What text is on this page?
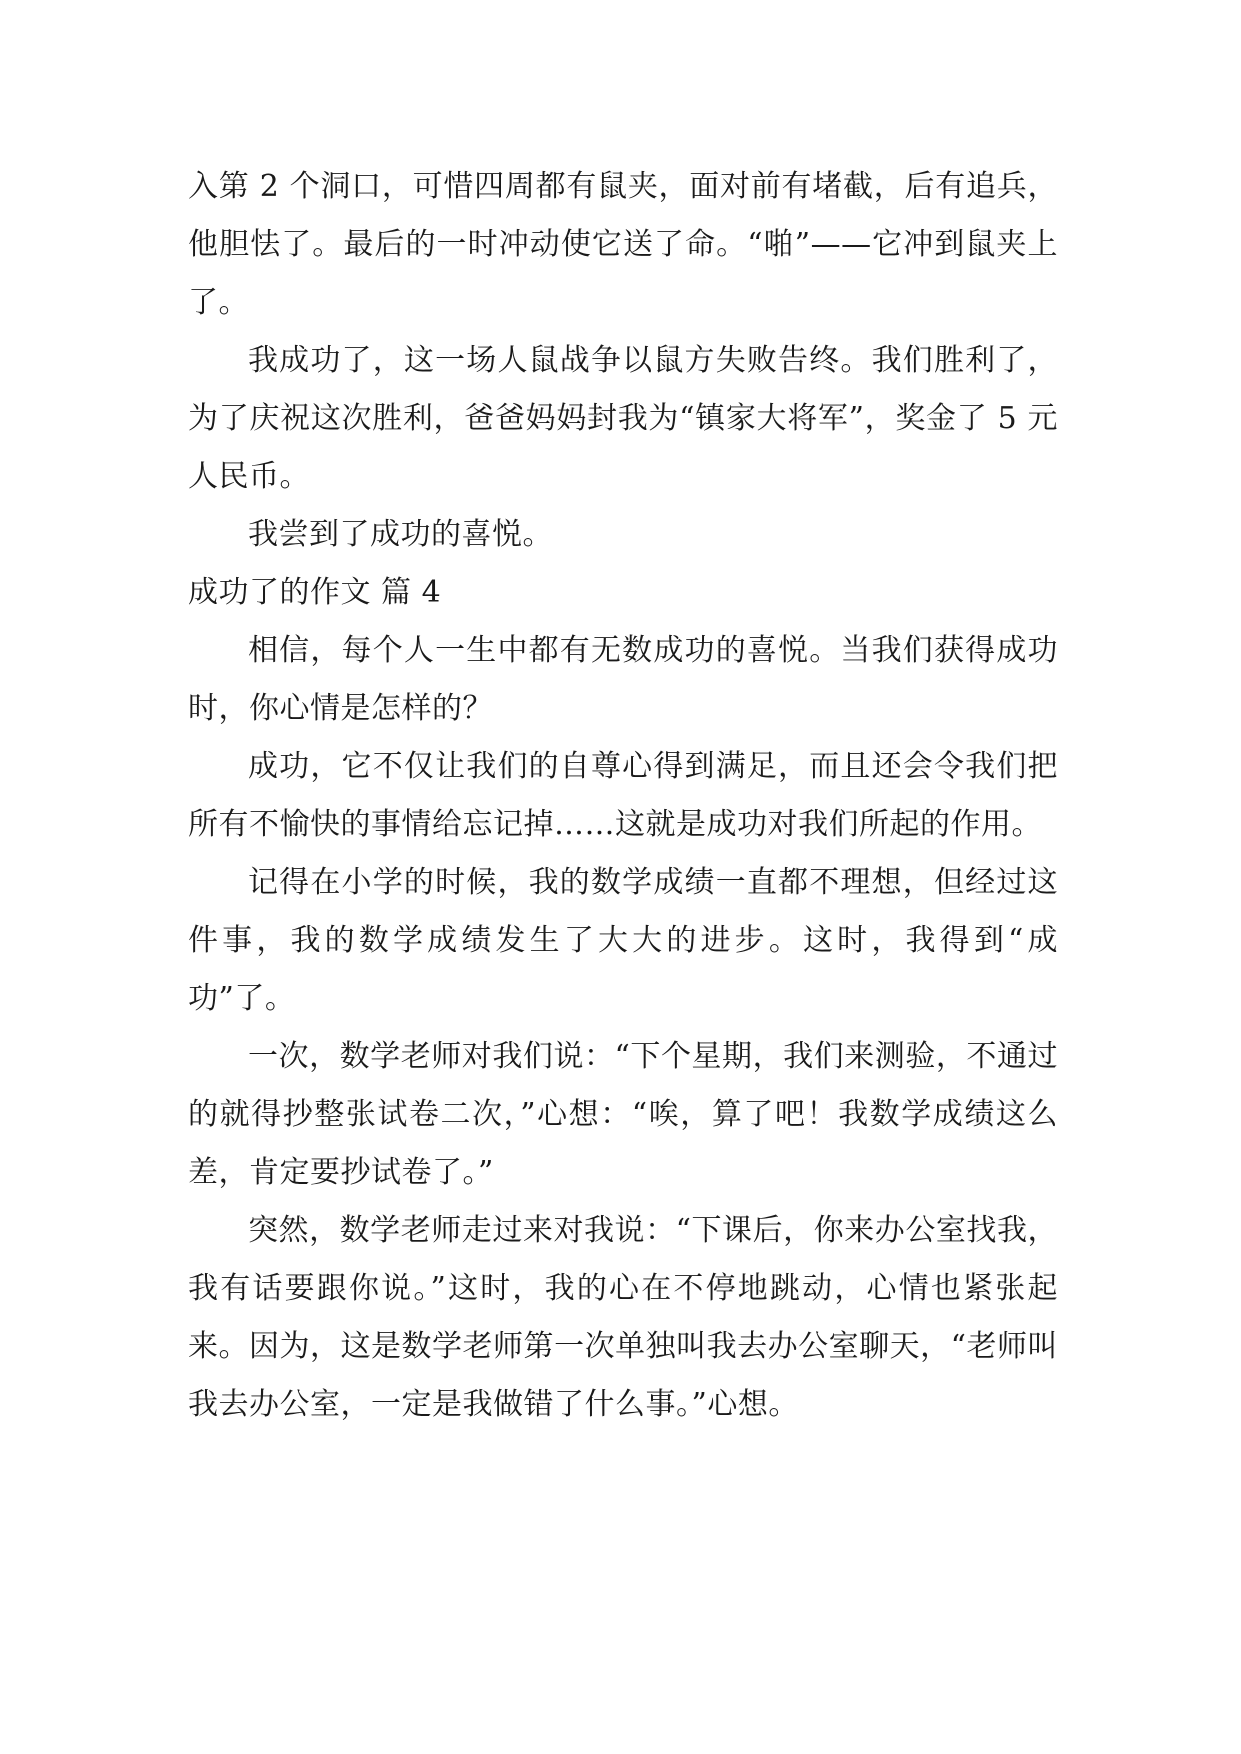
入第 2 个洞口，可惜四周都有鼠夹，面对前有堵截，后有追兵，他胆怯了。最后的一时冲动使它送了命。“啪”——它冲到鼠夹上了。

我成功了，这一场人鼠战争以鼠方失败告终。我们胜利了，为了庆祝这次胜利，爸爸妈妈封我为“镇家大将军”，奖金了 5 元人民币。

我尝到了成功的喜悦。

成功了的作文 篇 4

相信，每个人一生中都有无数成功的喜悦。当我们获得成功时，你心情是怎样的？

成功，它不仅让我们的自尊心得到满足，而且还会令我们把所有不愉快的事情给忘记掉……这就是成功对我们所起的作用。

记得在小学的时候，我的数学成绩一直都不理想，但经过这件事，我的数学成绩发生了大大的进步。这时，我得到“成功”了。

一次，数学老师对我们说：“下个星期，我们来测验，不通过的就得抄整张试卷二次，”心想：“唉，算了吧！我数学成绩这么差，肯定要抄试卷了。”

突然，数学老师走过来对我说：“下课后，你来办公室找我，我有话要跟你说。”这时，我的心在不停地跳动，心情也紧张起来。因为，这是数学老师第一次单独叫我去办公室聊天，“老师叫我去办公室，一定是我做错了什么事。”心想。
